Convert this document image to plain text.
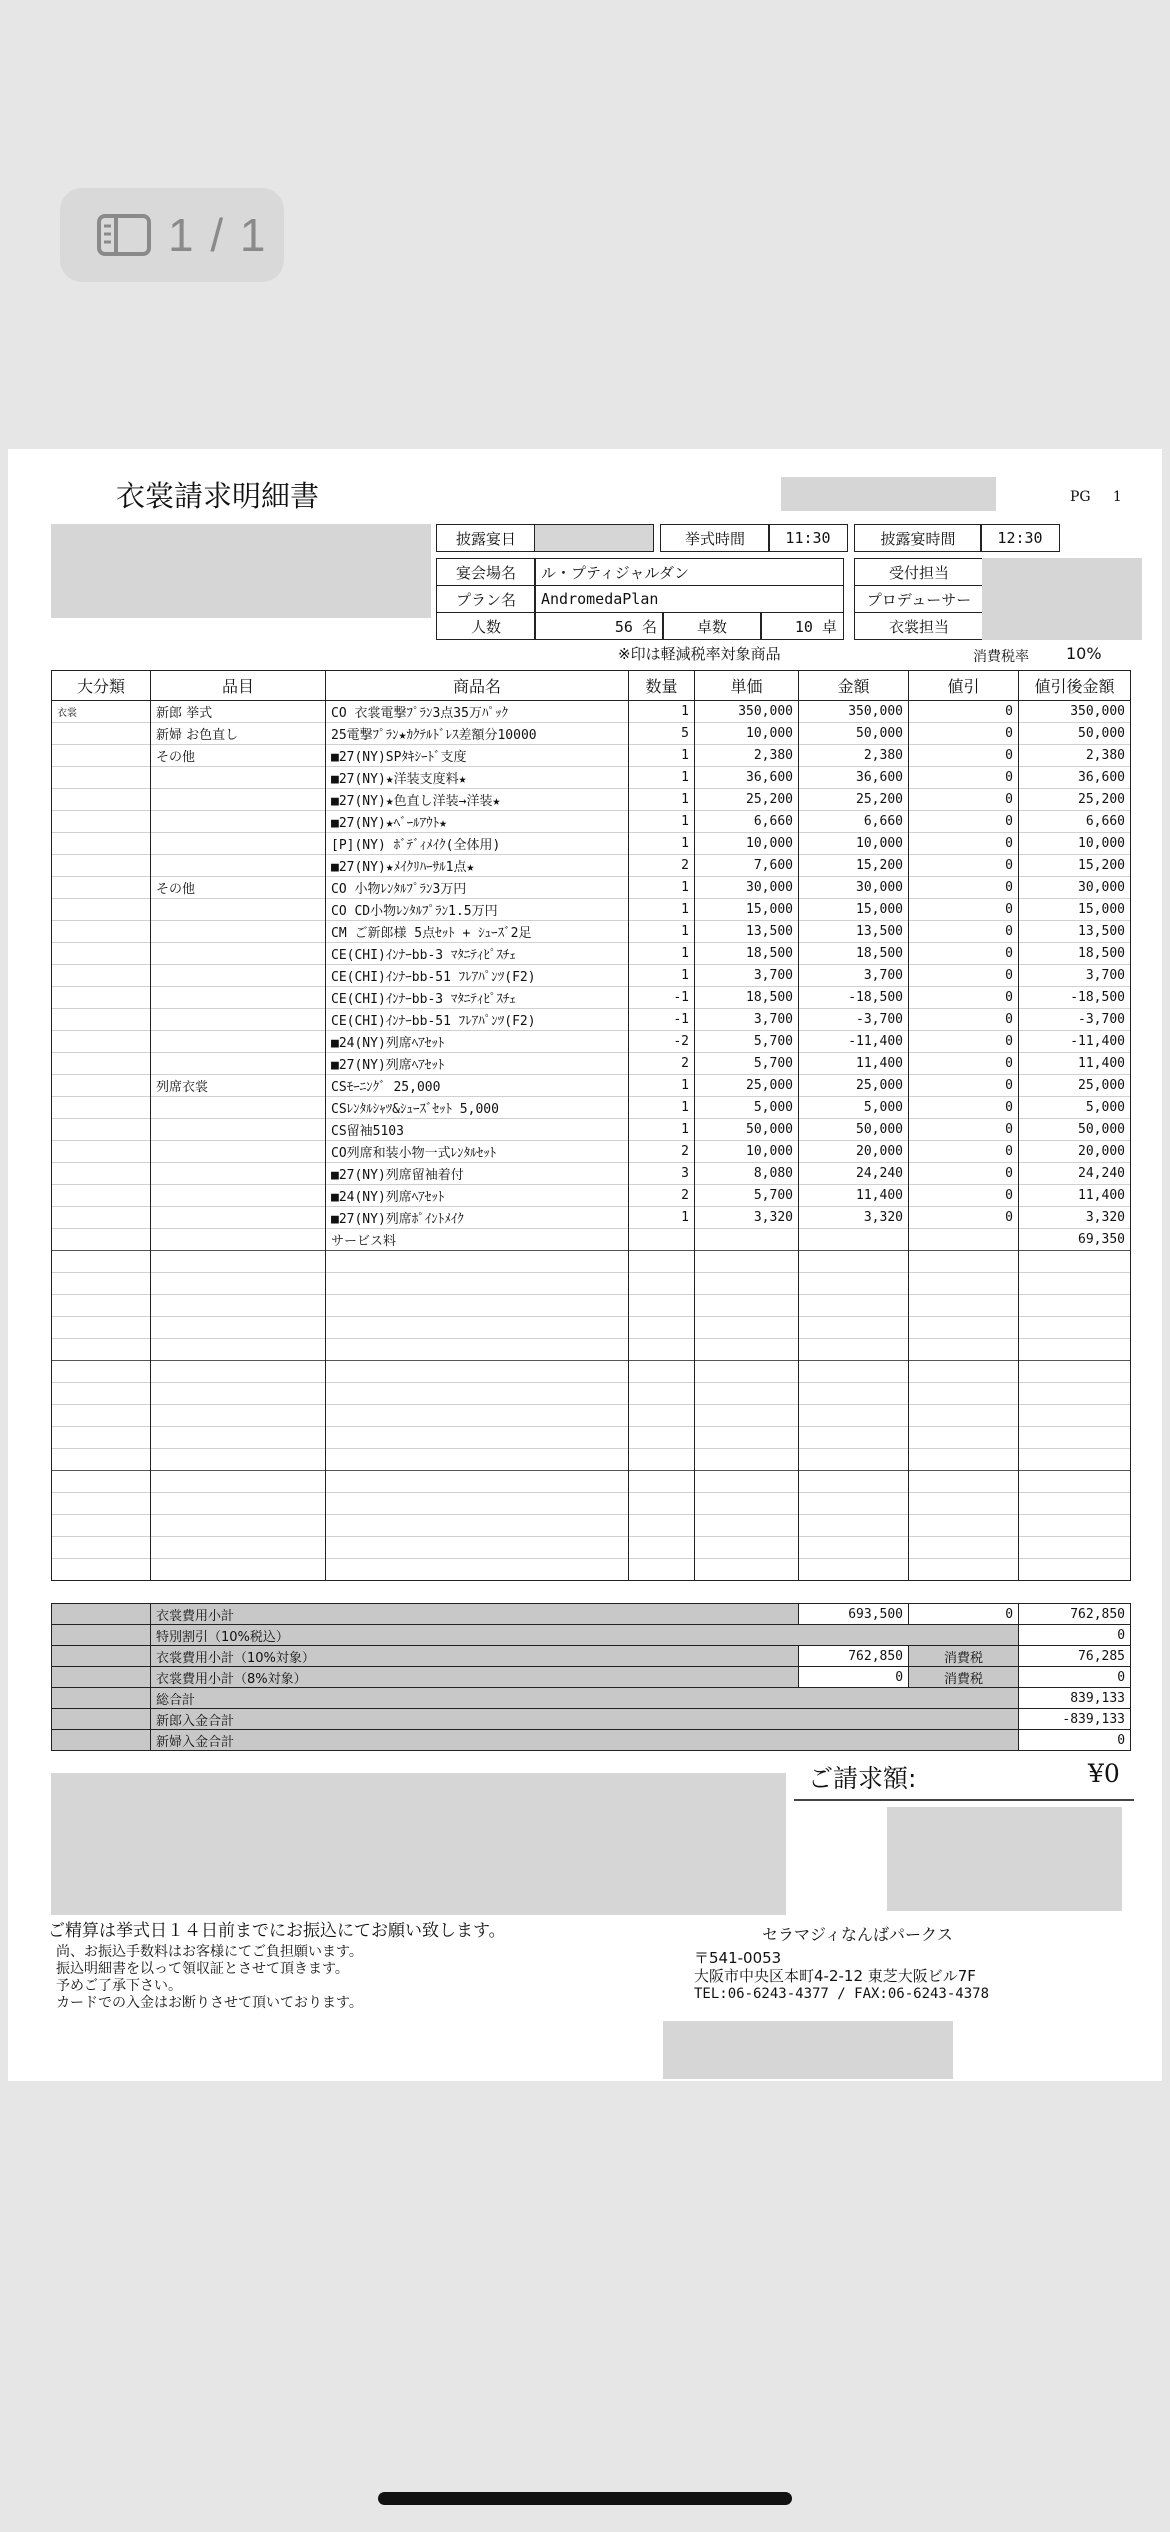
1 / 1
衣裳請求明細書	PG 1
披露宴日	挙式時間	11:30	披露宴時間	12:30
宴会場名	ル・プティジャルダン
プラン名	AndromedaPlan
人数	56 名	卓数	10 卓
受付担当
プロデューサー
衣裳担当
※印は軽減税率対象商品	消費税率 10%
大分類	品目	商品名	数量	単価	金額	値引	値引後金額
衣裳	新郎 挙式	CO 衣裳電撃ﾌﾟﾗﾝ3点35万ﾊﾟｯｸ	1	350,000	350,000	0	350,000
	新婦 お色直し	25電撃ﾌﾟﾗﾝ★ｶｸﾃﾙﾄﾞﾚｽ差額分10000	5	10,000	50,000	0	50,000
	その他	■27(NY)SPﾀｷｼｰﾄﾞ支度	1	2,380	2,380	0	2,380
		■27(NY)★洋装支度料★	1	36,600	36,600	0	36,600
		■27(NY)★色直し洋装→洋装★	1	25,200	25,200	0	25,200
		■27(NY)★ﾍﾞｰﾙｱｳﾄ★	1	6,660	6,660	0	6,660
		[P](NY) ﾎﾞﾃﾞｨﾒｲｸ(全体用)	1	10,000	10,000	0	10,000
		■27(NY)★ﾒｲｸﾘﾊｰｻﾙ1点★	2	7,600	15,200	0	15,200
	その他	CO 小物ﾚﾝﾀﾙﾌﾟﾗﾝ3万円	1	30,000	30,000	0	30,000
		CO CD小物ﾚﾝﾀﾙﾌﾟﾗﾝ1.5万円	1	15,000	15,000	0	15,000
		CM ご新郎様 5点ｾｯﾄ + ｼｭｰｽﾞ2足	1	13,500	13,500	0	13,500
		CE(CHI)ｲﾝﾅｰbb-3 ﾏﾀﾆﾃｨﾋﾟｽﾁｪ	1	18,500	18,500	0	18,500
		CE(CHI)ｲﾝﾅｰbb-51 ﾌﾚｱﾊﾟﾝﾂ(F2)	1	3,700	3,700	0	3,700
		CE(CHI)ｲﾝﾅｰbb-3 ﾏﾀﾆﾃｨﾋﾟｽﾁｪ	-1	18,500	-18,500	0	-18,500
		CE(CHI)ｲﾝﾅｰbb-51 ﾌﾚｱﾊﾟﾝﾂ(F2)	-1	3,700	-3,700	0	-3,700
		■24(NY)列席ﾍｱｾｯﾄ	-2	5,700	-11,400	0	-11,400
		■27(NY)列席ﾍｱｾｯﾄ	2	5,700	11,400	0	11,400
	列席衣裳	CSﾓｰﾆﾝｸﾞ 25,000	1	25,000	25,000	0	25,000
		CSﾚﾝﾀﾙｼｬﾂ&ｼｭｰｽﾞｾｯﾄ 5,000	1	5,000	5,000	0	5,000
		CS留袖5103	1	50,000	50,000	0	50,000
		CO列席和装小物一式ﾚﾝﾀﾙｾｯﾄ	2	10,000	20,000	0	20,000
		■27(NY)列席留袖着付	3	8,080	24,240	0	24,240
		■24(NY)列席ﾍｱｾｯﾄ	2	5,700	11,400	0	11,400
		■27(NY)列席ﾎﾟｲﾝﾄﾒｲｸ	1	3,320	3,320	0	3,320
		サービス料					69,350

	衣裳費用小計	693,500	0	762,850
	特別割引（10%税込）			0
	衣裳費用小計（10%対象）	762,850	消費税	76,285
	衣裳費用小計（8%対象）	0	消費税	0
	総合計			839,133
	新郎入金合計			-839,133
	新婦入金合計			0
ご請求額:	¥0
ご精算は挙式日１４日前までにお振込にてお願い致します。
尚、お振込手数料はお客様にてご負担願います。
振込明細書を以って領収証とさせて頂きます。
予めご了承下さい。
カードでの入金はお断りさせて頂いております。
セラマジィなんばパークス
〒541-0053
大阪市中央区本町4-2-12 東芝大阪ビル7F
TEL:06-6243-4377 / FAX:06-6243-4378
